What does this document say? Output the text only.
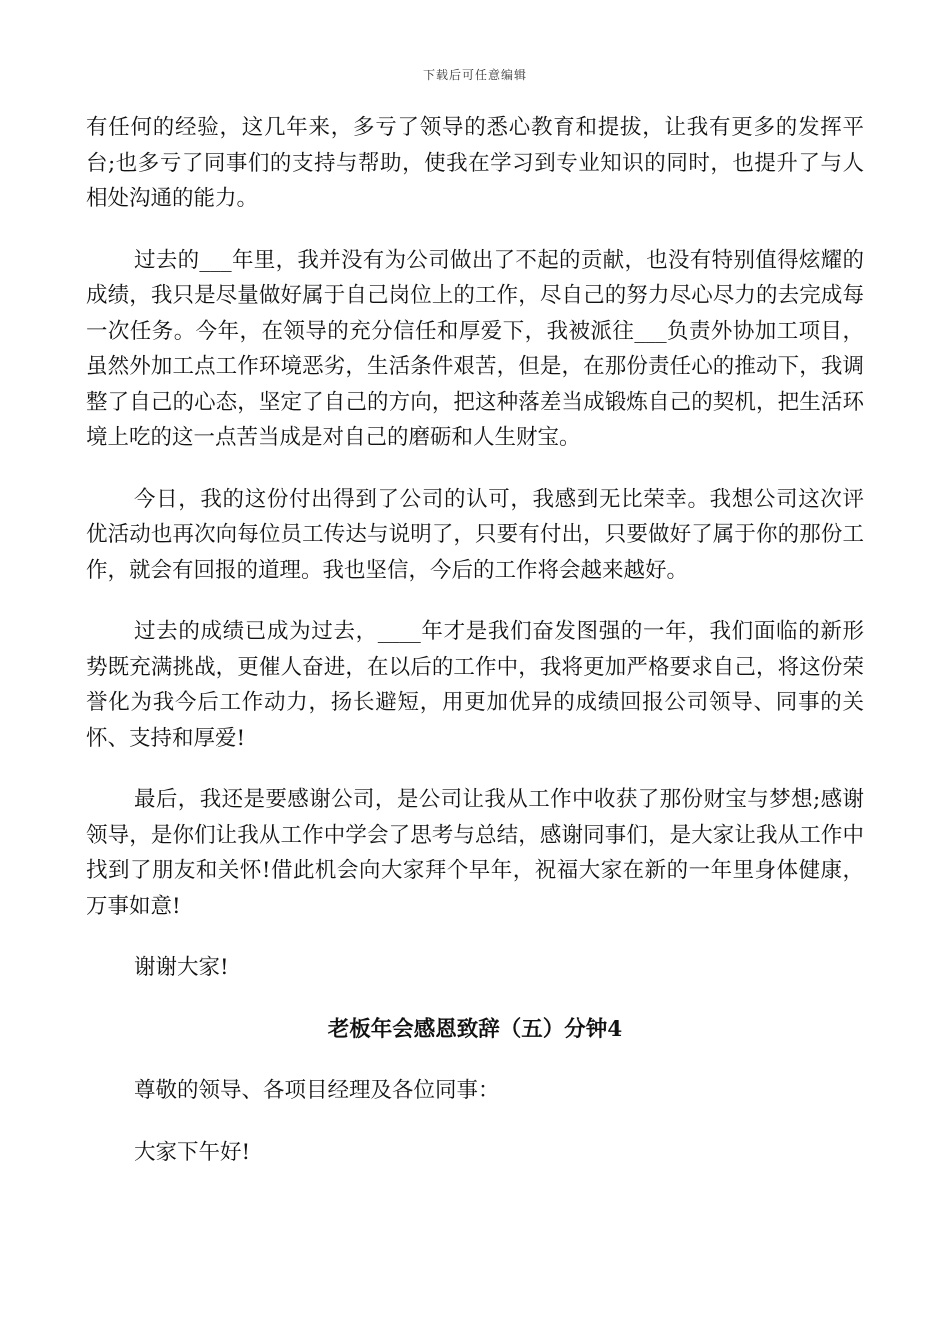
下载后可任意编辑

有任何的经验，这几年来，多亏了领导的悉心教育和提拔，让我有更多的发挥平台;也多亏了同事们的支持与帮助，使我在学习到专业知识的同时，也提升了与人相处沟通的能力。

过去的___年里，我并没有为公司做出了不起的贡献，也没有特别值得炫耀的成绩，我只是尽量做好属于自己岗位上的工作，尽自己的努力尽心尽力的去完成每一次任务。今年，在领导的充分信任和厚爱下，我被派往___负责外协加工项目，虽然外加工点工作环境恶劣，生活条件艰苦，但是，在那份责任心的推动下，我调整了自己的心态，坚定了自己的方向，把这种落差当成锻炼自己的契机，把生活环境上吃的这一点苦当成是对自己的磨砺和人生财宝。

今日，我的这份付出得到了公司的认可，我感到无比荣幸。我想公司这次评优活动也再次向每位员工传达与说明了，只要有付出，只要做好了属于你的那份工作，就会有回报的道理。我也坚信，今后的工作将会越来越好。

过去的成绩已成为过去，____年才是我们奋发图强的一年，我们面临的新形势既充满挑战，更催人奋进，在以后的工作中，我将更加严格要求自己，将这份荣誉化为我今后工作动力，扬长避短，用更加优异的成绩回报公司领导、同事的关怀、支持和厚爱!

最后，我还是要感谢公司，是公司让我从工作中收获了那份财宝与梦想;感谢领导，是你们让我从工作中学会了思考与总结，感谢同事们，是大家让我从工作中找到了朋友和关怀!借此机会向大家拜个早年，祝福大家在新的一年里身体健康，万事如意!

谢谢大家!

老板年会感恩致辞（五）分钟4

尊敬的领导、各项目经理及各位同事：

大家下午好!
